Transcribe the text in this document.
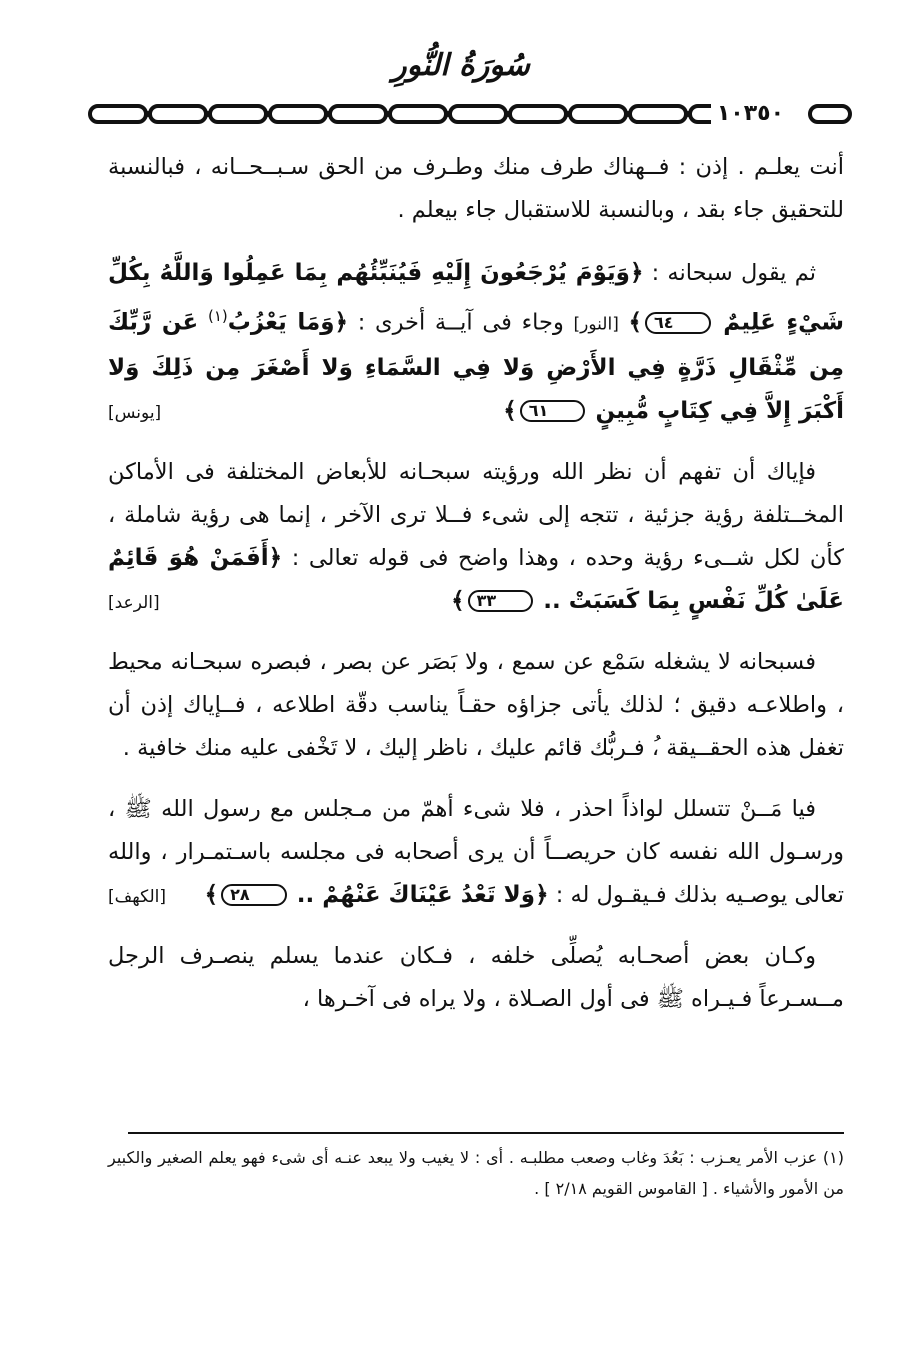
سُورَةُ النُّورِ
١٠٣٥٠

أنت يعلـم . إذن : فــهناك طرف منك وطـرف من الحق سـبــحــانه ، فبالنسبة للتحقيق جاء بقد ، وبالنسبة للاستقبال جاء بيعلم .

ثم يقول سبحانه : ﴿وَيَوْمَ يُرْجَعُونَ إِلَيْهِ فَيُنَبِّئُهُم بِمَا عَمِلُوا وَاللَّهُ بِكُلِّ شَيْءٍ عَلِيمٌ ٦٤﴾ [النور] وجاء فى آيــة أخرى : ﴿وَمَا يَعْزُبُ$^{(١)}$ عَن رَّبِّكَ مِن مِّثْقَالِ ذَرَّةٍ فِي الأَرْضِ وَلا فِي السَّمَاءِ وَلا أَصْغَرَ مِن ذَلِكَ وَلا أَكْبَرَ إِلاَّ فِي كِتَابٍ مُّبِينٍ ٦١﴾
[يونس]

فإياك أن تفهم أن نظر الله ورؤيته سبحـانه للأبعاض المختلفة فى الأماكن المخــتلفة رؤية جزئية ، تتجه إلى شىء فــلا ترى الآخر ، إنما هى رؤية شاملة ، كأن لكل شــىء رؤية وحده ، وهذا واضح فى قوله تعالى : ﴿أَفَمَنْ هُوَ قَائِمٌ عَلَىٰ كُلِّ نَفْسٍ بِمَا كَسَبَتْ .. ٣٣﴾
[الرعد]

فسبحانه لا يشغله سَمْع عن سمع ، ولا بَصَر عن بصر ، فبصره سبحـانه محيط ، واطلاعـه دقيق ؛ لذلك يأتى جزاؤه حقـاً يناسب دقّة اطلاعه ، فــإياك إذن أن تغفل هذه الحقــيقة ،ُ فـربُّك قائم عليك ، ناظر إليك ، لا تَخْفى عليه منك خافية .

فيا مَــنْ تتسلل لواذاً احذر ، فلا شىء أهمّ من مـجلس مع رسول الله ﷺ ، ورسـول الله نفسه كان حريصــاً أن يرى أصحابه فى مجلسه باسـتمـرار ، والله تعالى يوصـيه بذلك فـيقـول له : ﴿وَلا تَعْدُ عَيْنَاكَ عَنْهُمْ .. ٢٨﴾
[الكهف]

وكـان بعض أصحـابه يُصلِّى خلفه ، فـكان عندما يسلم ينصـرف الرجل مــسـرعاً فـيـراه ﷺ فى أول الصـلاة ، ولا يراه فى آخـرها ،

(١) عزب الأمر يعـزب : بَعُدَ وغاب وصعب مطلبـه . أى : لا يغيب ولا يبعد عنـه أى شىء فهو يعلم الصغير والكبير من الأمور والأشياء . [ القاموس القويم ٢/١٨ ] .
